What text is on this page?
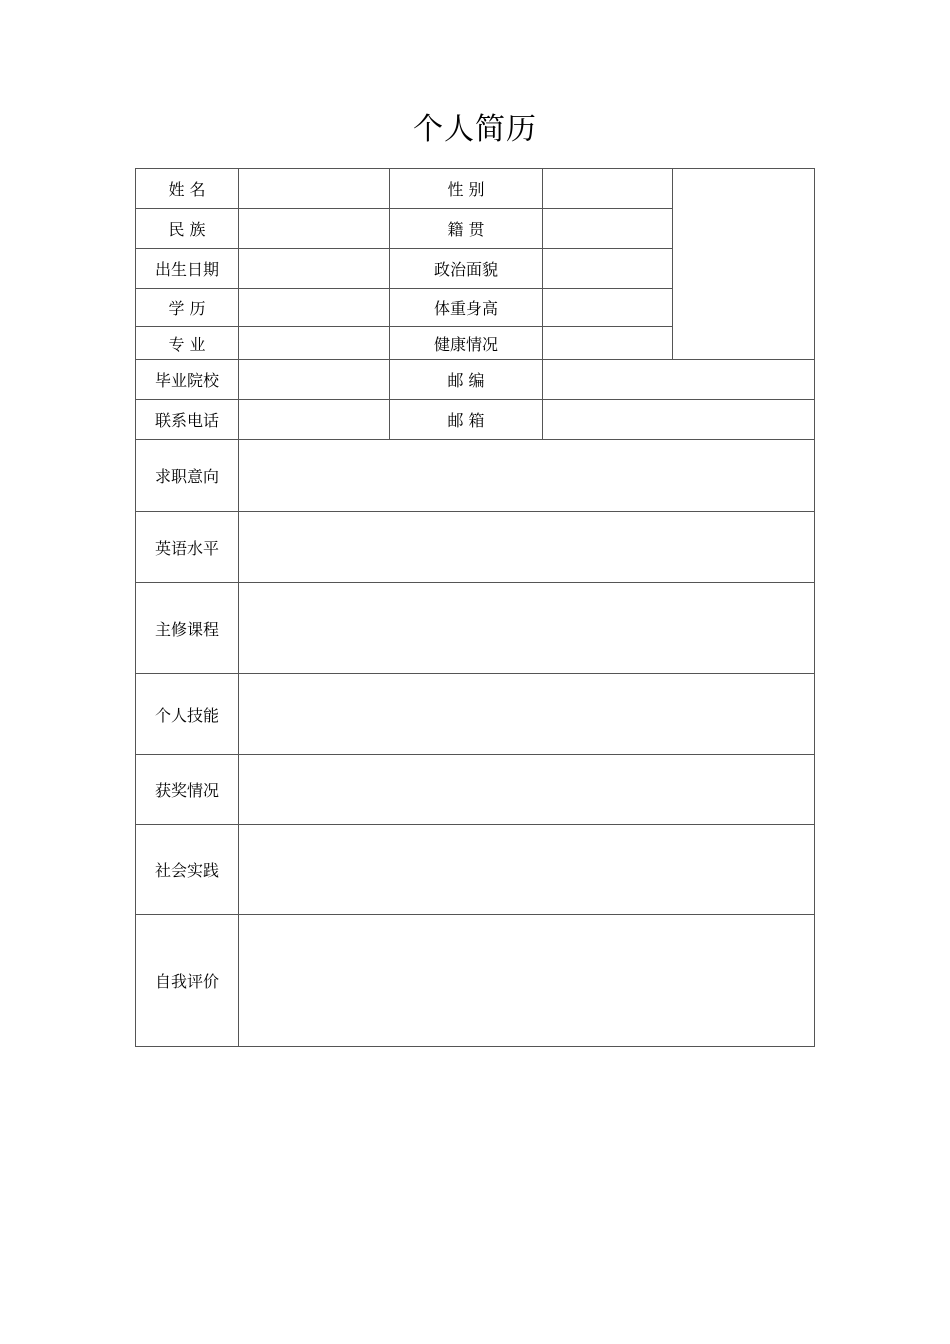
个人简历
姓 名		性 别		
民 族		籍 贯		
出生日期		政治面貌		
学 历		体重身高		
专 业		健康情况		
毕业院校		邮 编		
联系电话		邮 箱		
求职意向				
英语水平				
主修课程				
个人技能				
获奖情况				
社会实践				
自我评价				
